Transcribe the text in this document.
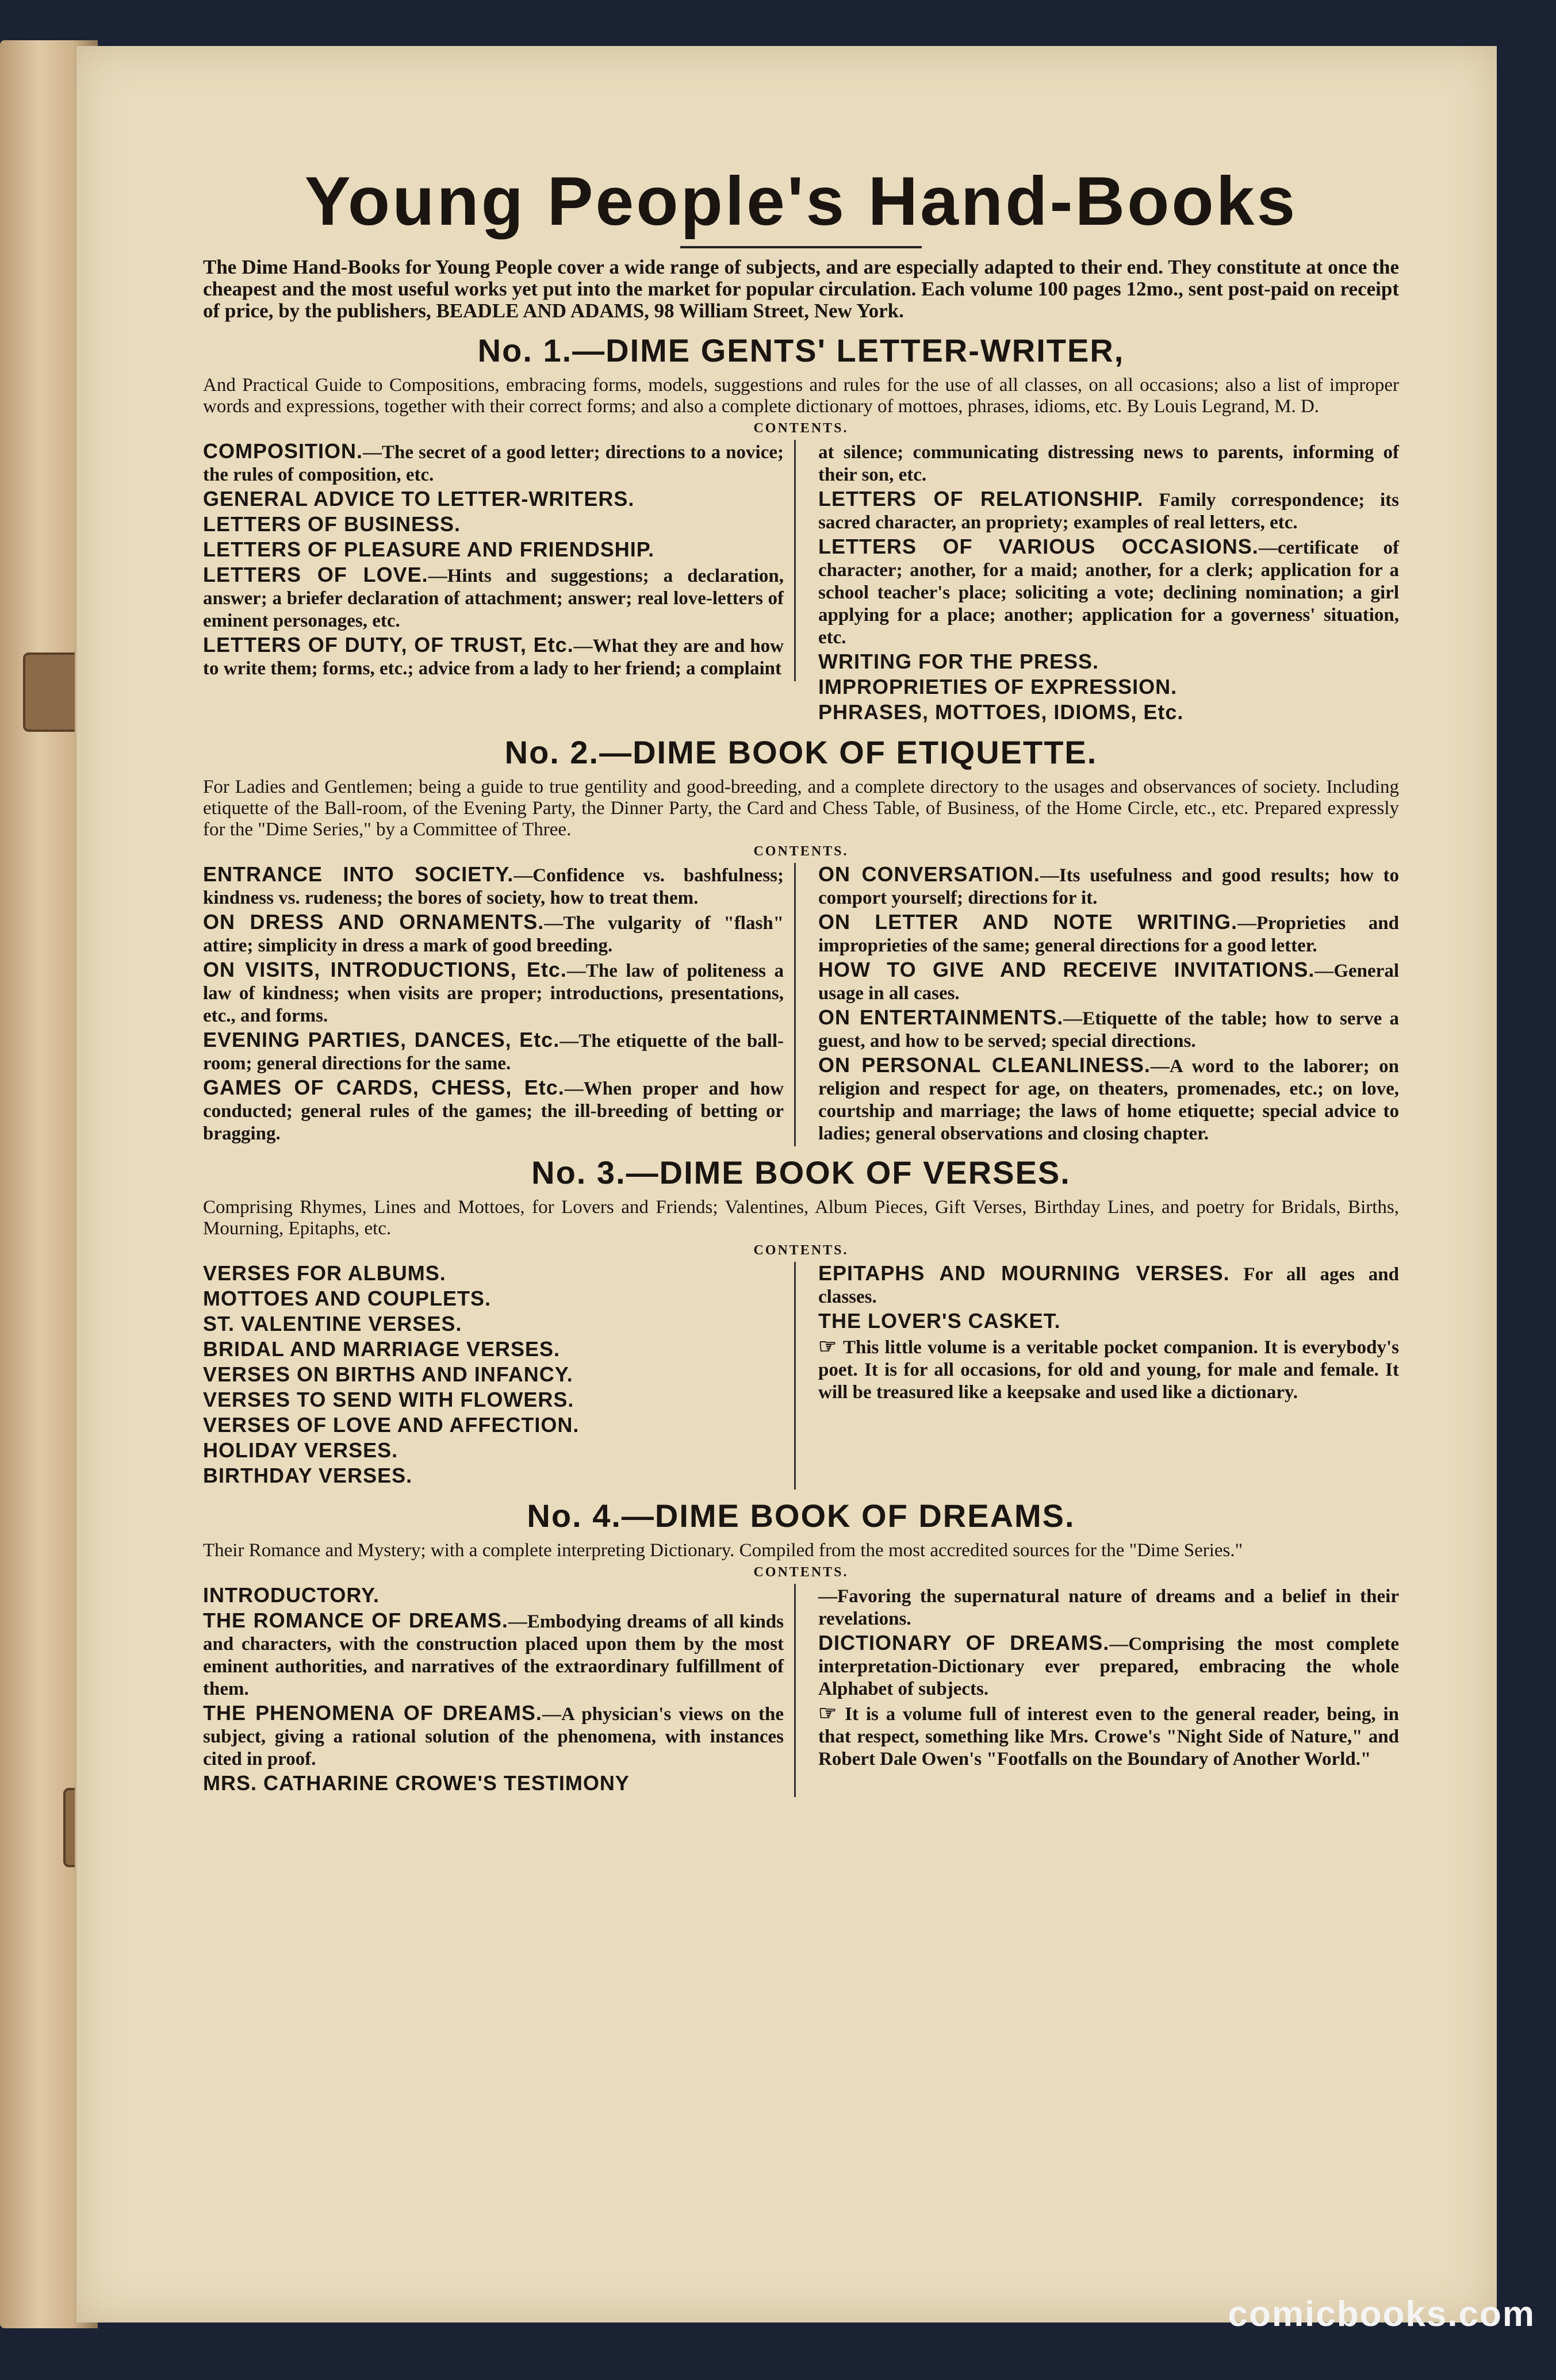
Young People's Hand-Books

The Dime Hand-Books for Young People cover a wide range of subjects, and are especially adapted to their end. They constitute at once the cheapest and the most useful works yet put into the market for popular circulation. Each volume 100 pages 12mo., sent post-paid on receipt of price, by the publishers, BEADLE AND ADAMS, 98 William Street, New York.

No. 1.—DIME GENTS' LETTER-WRITER,

And Practical Guide to Compositions, embracing forms, models, suggestions and rules for the use of all classes, on all occasions; also a list of improper words and expressions, together with their correct forms; and also a complete dictionary of mottoes, phrases, idioms, etc. By Louis Legrand, M. D.

CONTENTS.

COMPOSITION.—The secret of a good letter; directions to a novice; the rules of composition, etc.

GENERAL ADVICE TO LETTER-WRITERS.

LETTERS OF BUSINESS.

LETTERS OF PLEASURE AND FRIENDSHIP.

LETTERS OF LOVE.—Hints and suggestions; a declaration, answer; a briefer declaration of attachment; answer; real love-letters of eminent personages, etc.

LETTERS OF DUTY, OF TRUST, Etc.—What they are and how to write them; forms, etc.; advice from a lady to her friend; a complaint

at silence; communicating distressing news to parents, informing of their son, etc.

LETTERS OF RELATIONSHIP. Family correspondence; its sacred character, an propriety; examples of real letters, etc.

LETTERS OF VARIOUS OCCASIONS.—certificate of character; another, for a maid; another, for a clerk; application for a school teacher's place; soliciting a vote; declining nomination; a girl applying for a place; another; application for a governess' situation, etc.

WRITING FOR THE PRESS.

IMPROPRIETIES OF EXPRESSION.

PHRASES, MOTTOES, IDIOMS, Etc.

No. 2.—DIME BOOK OF ETIQUETTE.

For Ladies and Gentlemen; being a guide to true gentility and good-breeding, and a complete directory to the usages and observances of society. Including etiquette of the Ball-room, of the Evening Party, the Dinner Party, the Card and Chess Table, of Business, of the Home Circle, etc., etc. Prepared expressly for the "Dime Series," by a Committee of Three.

CONTENTS.

ENTRANCE INTO SOCIETY.—Confidence vs. bashfulness; kindness vs. rudeness; the bores of society, how to treat them.

ON DRESS AND ORNAMENTS.—The vulgarity of "flash" attire; simplicity in dress a mark of good breeding.

ON VISITS, INTRODUCTIONS, Etc.—The law of politeness a law of kindness; when visits are proper; introductions, presentations, etc., and forms.

EVENING PARTIES, DANCES, Etc.—The etiquette of the ball-room; general directions for the same.

GAMES OF CARDS, CHESS, Etc.—When proper and how conducted; general rules of the games; the ill-breeding of betting or bragging.

ON CONVERSATION.—Its usefulness and good results; how to comport yourself; directions for it.

ON LETTER AND NOTE WRITING.—Proprieties and improprieties of the same; general directions for a good letter.

HOW TO GIVE AND RECEIVE INVITATIONS.—General usage in all cases.

ON ENTERTAINMENTS.—Etiquette of the table; how to serve a guest, and how to be served; special directions.

ON PERSONAL CLEANLINESS.—A word to the laborer; on religion and respect for age, on theaters, promenades, etc.; on love, courtship and marriage; the laws of home etiquette; special advice to ladies; general observations and closing chapter.

No. 3.—DIME BOOK OF VERSES.

Comprising Rhymes, Lines and Mottoes, for Lovers and Friends; Valentines, Album Pieces, Gift Verses, Birthday Lines, and poetry for Bridals, Births, Mourning, Epitaphs, etc.

CONTENTS.

VERSES FOR ALBUMS.

MOTTOES AND COUPLETS.

ST. VALENTINE VERSES.

BRIDAL AND MARRIAGE VERSES.

VERSES ON BIRTHS AND INFANCY.

VERSES TO SEND WITH FLOWERS.

VERSES OF LOVE AND AFFECTION.

HOLIDAY VERSES.

BIRTHDAY VERSES.

EPITAPHS AND MOURNING VERSES. For all ages and classes.

THE LOVER'S CASKET.

☞ This little volume is a veritable pocket companion. It is everybody's poet. It is for all occasions, for old and young, for male and female. It will be treasured like a keepsake and used like a dictionary.

No. 4.—DIME BOOK OF DREAMS.

Their Romance and Mystery; with a complete interpreting Dictionary. Compiled from the most accredited sources for the "Dime Series."

CONTENTS.

INTRODUCTORY.

THE ROMANCE OF DREAMS.—Embodying dreams of all kinds and characters, with the construction placed upon them by the most eminent authorities, and narratives of the extraordinary fulfillment of them.

THE PHENOMENA OF DREAMS.—A physician's views on the subject, giving a rational solution of the phenomena, with instances cited in proof.

MRS. CATHARINE CROWE'S TESTIMONY

—Favoring the supernatural nature of dreams and a belief in their revelations.

DICTIONARY OF DREAMS.—Comprising the most complete interpretation-Dictionary ever prepared, embracing the whole Alphabet of subjects.

☞ It is a volume full of interest even to the general reader, being, in that respect, something like Mrs. Crowe's "Night Side of Nature," and Robert Dale Owen's "Footfalls on the Boundary of Another World."

comicbooks.com
